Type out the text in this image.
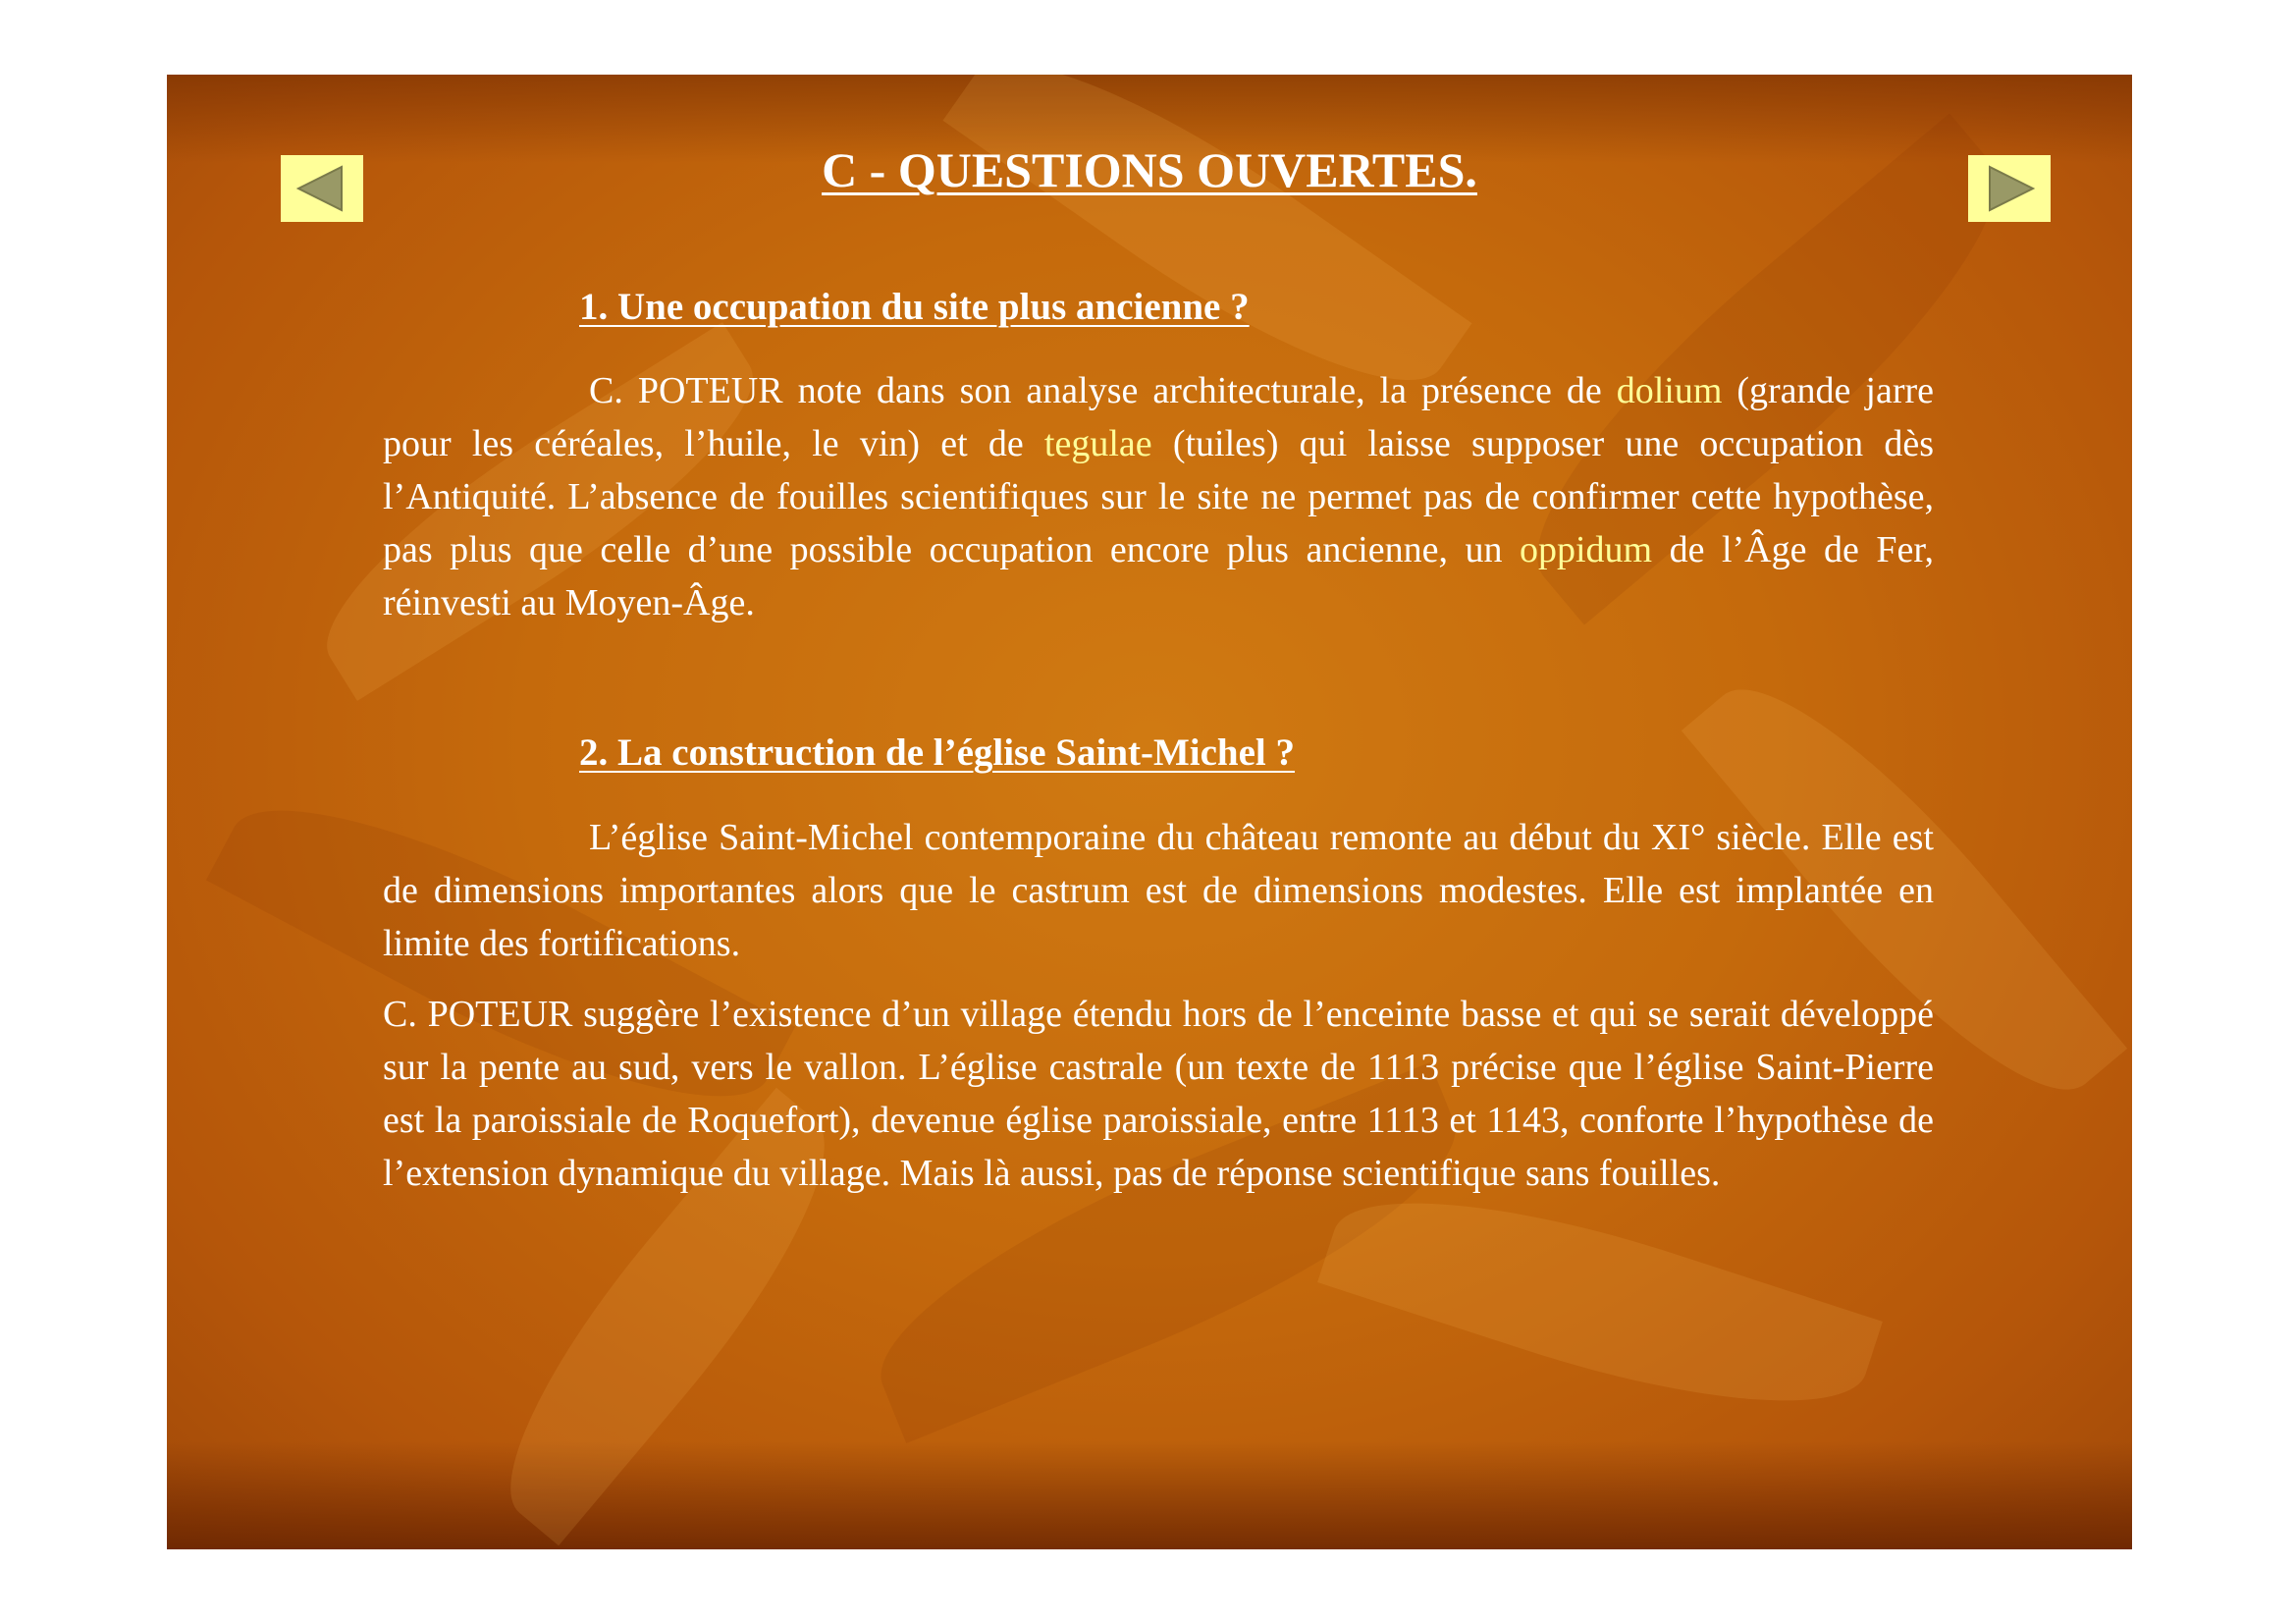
C - QUESTIONS OUVERTES.
1. Une occupation du site plus ancienne ?

C. POTEUR note dans son analyse architecturale, la présence de dolium (grande jarre pour les céréales, l’huile, le vin) et de tegulae (tuiles) qui laisse supposer une occupation dès l’Antiquité. L’absence de fouilles scientifiques sur le site ne permet pas de confirmer cette hypothèse, pas plus que celle d’une possible occupation encore plus ancienne, un oppidum de l’Âge de Fer, réinvesti au Moyen-Âge.

2. La construction de l’église Saint-Michel ?

L’église Saint-Michel contemporaine du château remonte au début du XI° siècle. Elle est de dimensions importantes alors que le castrum est de dimensions modestes. Elle est implantée en limite des fortifications.

C. POTEUR suggère l’existence d’un village étendu hors de l’enceinte basse et qui se serait développé sur la pente au sud, vers le vallon. L’église castrale (un texte de 1113 précise que l’église Saint-Pierre est la paroissiale de Roquefort), devenue église paroissiale, entre 1113 et 1143, conforte l’hypothèse de l’extension dynamique du village. Mais là aussi, pas de réponse scientifique sans fouilles.
